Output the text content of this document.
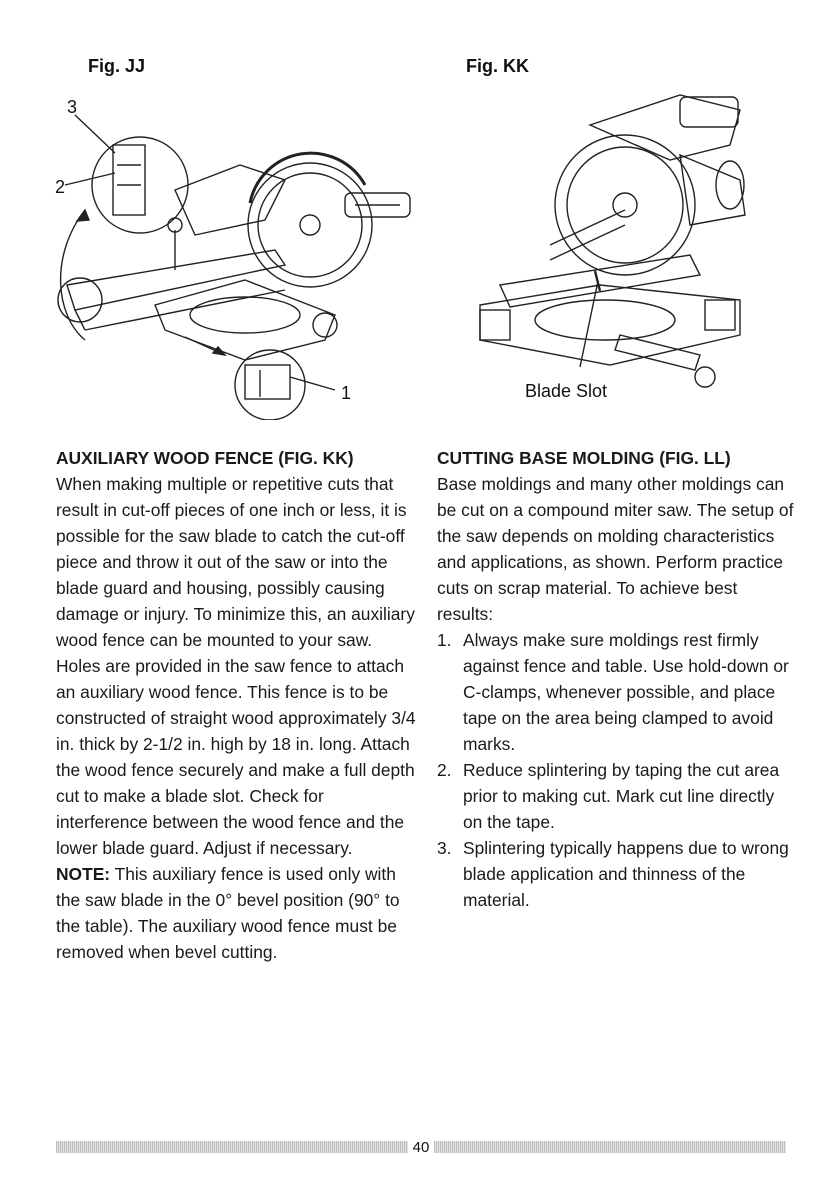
Fig. JJ	Fig. KK
3
2
1	Blade Slot

AUXILIARY WOOD FENCE (FIG. KK)

When making multiple or repetitive cuts that result in cut-off pieces of one inch or less, it is possible for the saw blade to catch the cut-off piece and throw it out of the saw or into the blade guard and housing, possibly causing damage or injury. To minimize this, an auxiliary wood fence can be mounted to your saw. Holes are provided in the saw fence to attach an auxiliary wood fence. This fence is to be constructed of straight wood approximately 3/4 in. thick by 2-1/2 in. high by 18 in. long. Attach the wood fence securely and make a full depth cut to make a blade slot. Check for interference between the wood fence and the lower blade guard. Adjust if necessary.

NOTE: This auxiliary fence is used only with the saw blade in the 0° bevel position (90° to the table). The auxiliary wood fence must be removed when bevel cutting.

CUTTING BASE MOLDING (FIG. LL)

Base moldings and many other moldings can be cut on a compound miter saw. The setup of the saw depends on molding characteristics and applications, as shown. Perform practice cuts on scrap material. To achieve best results:

1. Always make sure moldings rest firmly against fence and table. Use hold-down or C-clamps, whenever possible, and place tape on the area being clamped to avoid marks.
2. Reduce splintering by taping the cut area prior to making cut. Mark cut line directly on the tape.
3. Splintering typically happens due to wrong blade application and thinness of the material.
40
